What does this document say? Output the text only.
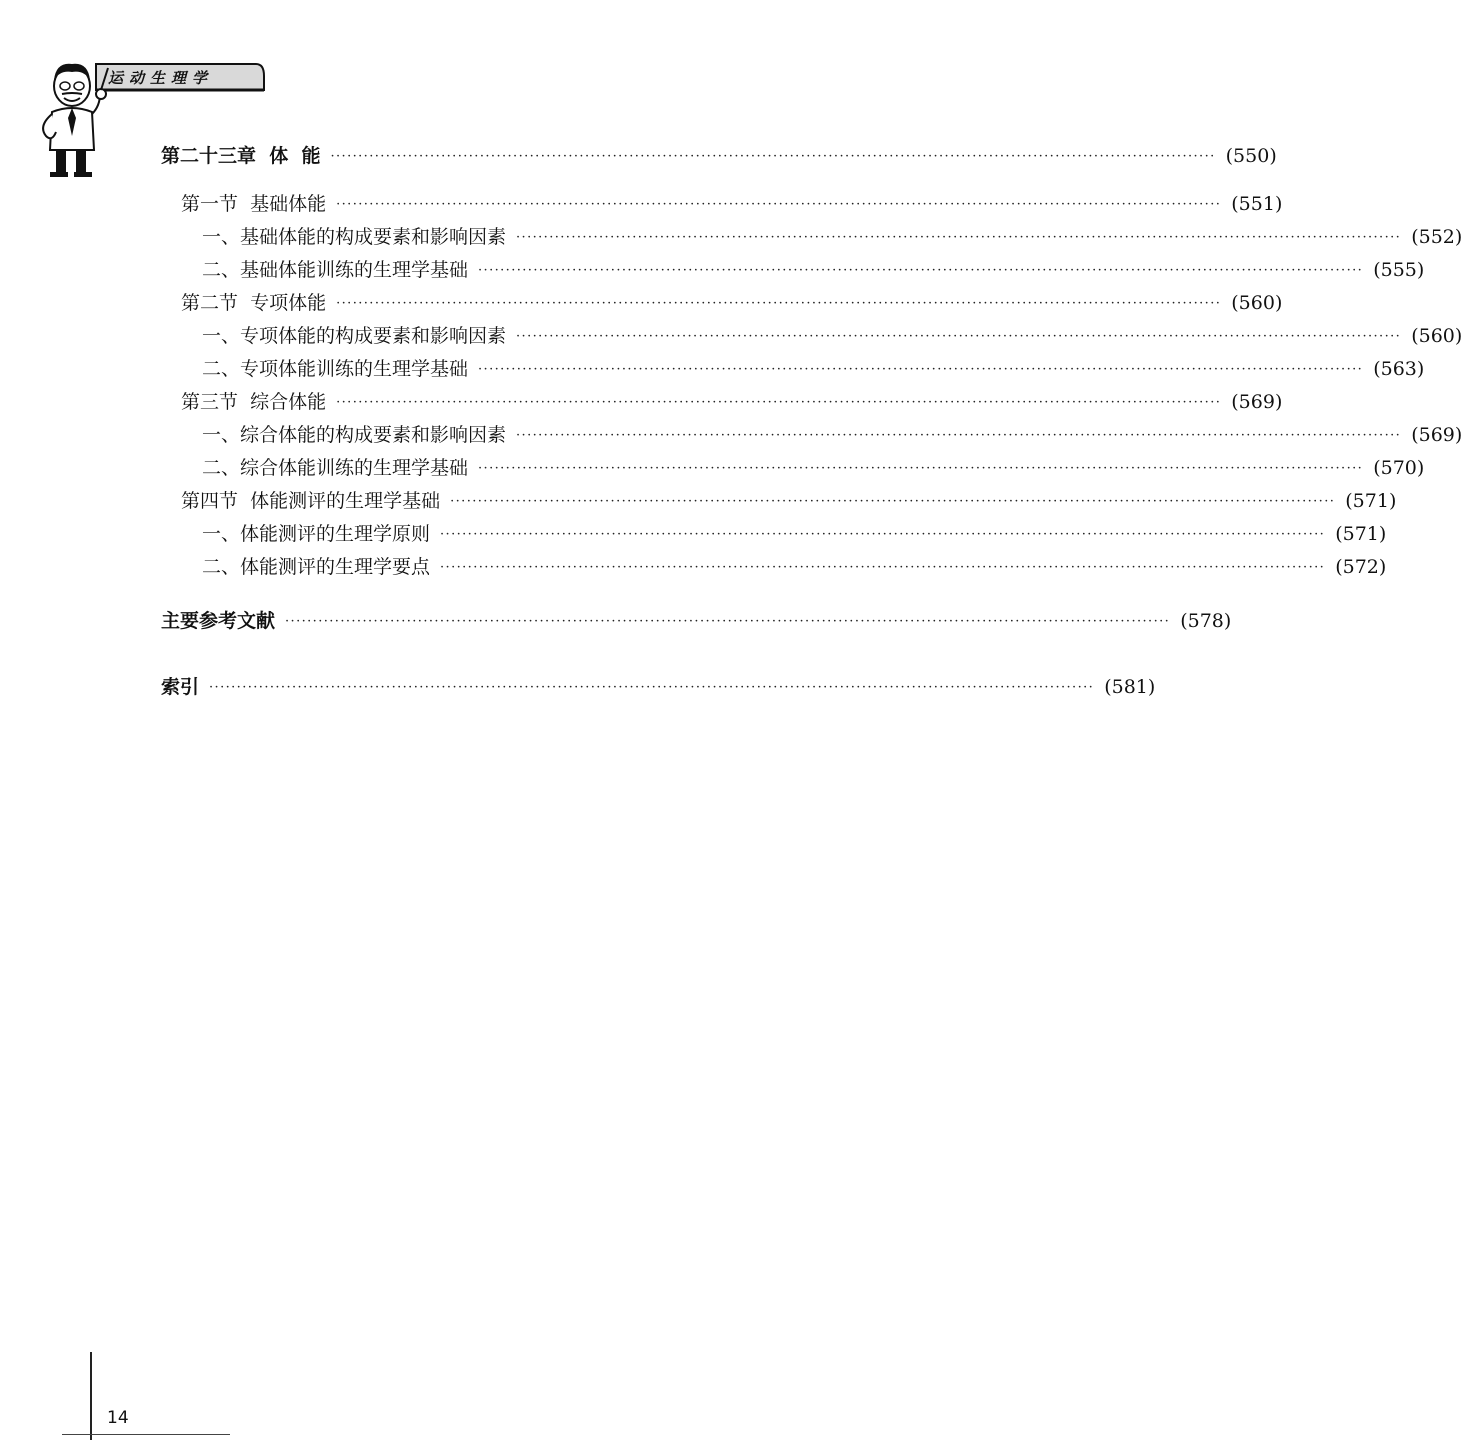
运动生理学
第二十三章  体  能 ································································································································································ (550)
第一节  基础体能 ································································································································································ (551)
一、基础体能的构成要素和影响因素 ································································································································································ (552)
二、基础体能训练的生理学基础 ································································································································································ (555)
第二节  专项体能 ································································································································································ (560)
一、专项体能的构成要素和影响因素 ································································································································································ (560)
二、专项体能训练的生理学基础 ································································································································································ (563)
第三节  综合体能 ································································································································································ (569)
一、综合体能的构成要素和影响因素 ································································································································································ (569)
二、综合体能训练的生理学基础 ································································································································································ (570)
第四节  体能测评的生理学基础 ································································································································································ (571)
一、体能测评的生理学原则 ································································································································································ (571)
二、体能测评的生理学要点 ································································································································································ (572)
主要参考文献 ································································································································································ (578)
索引 ································································································································································ (581)
14
